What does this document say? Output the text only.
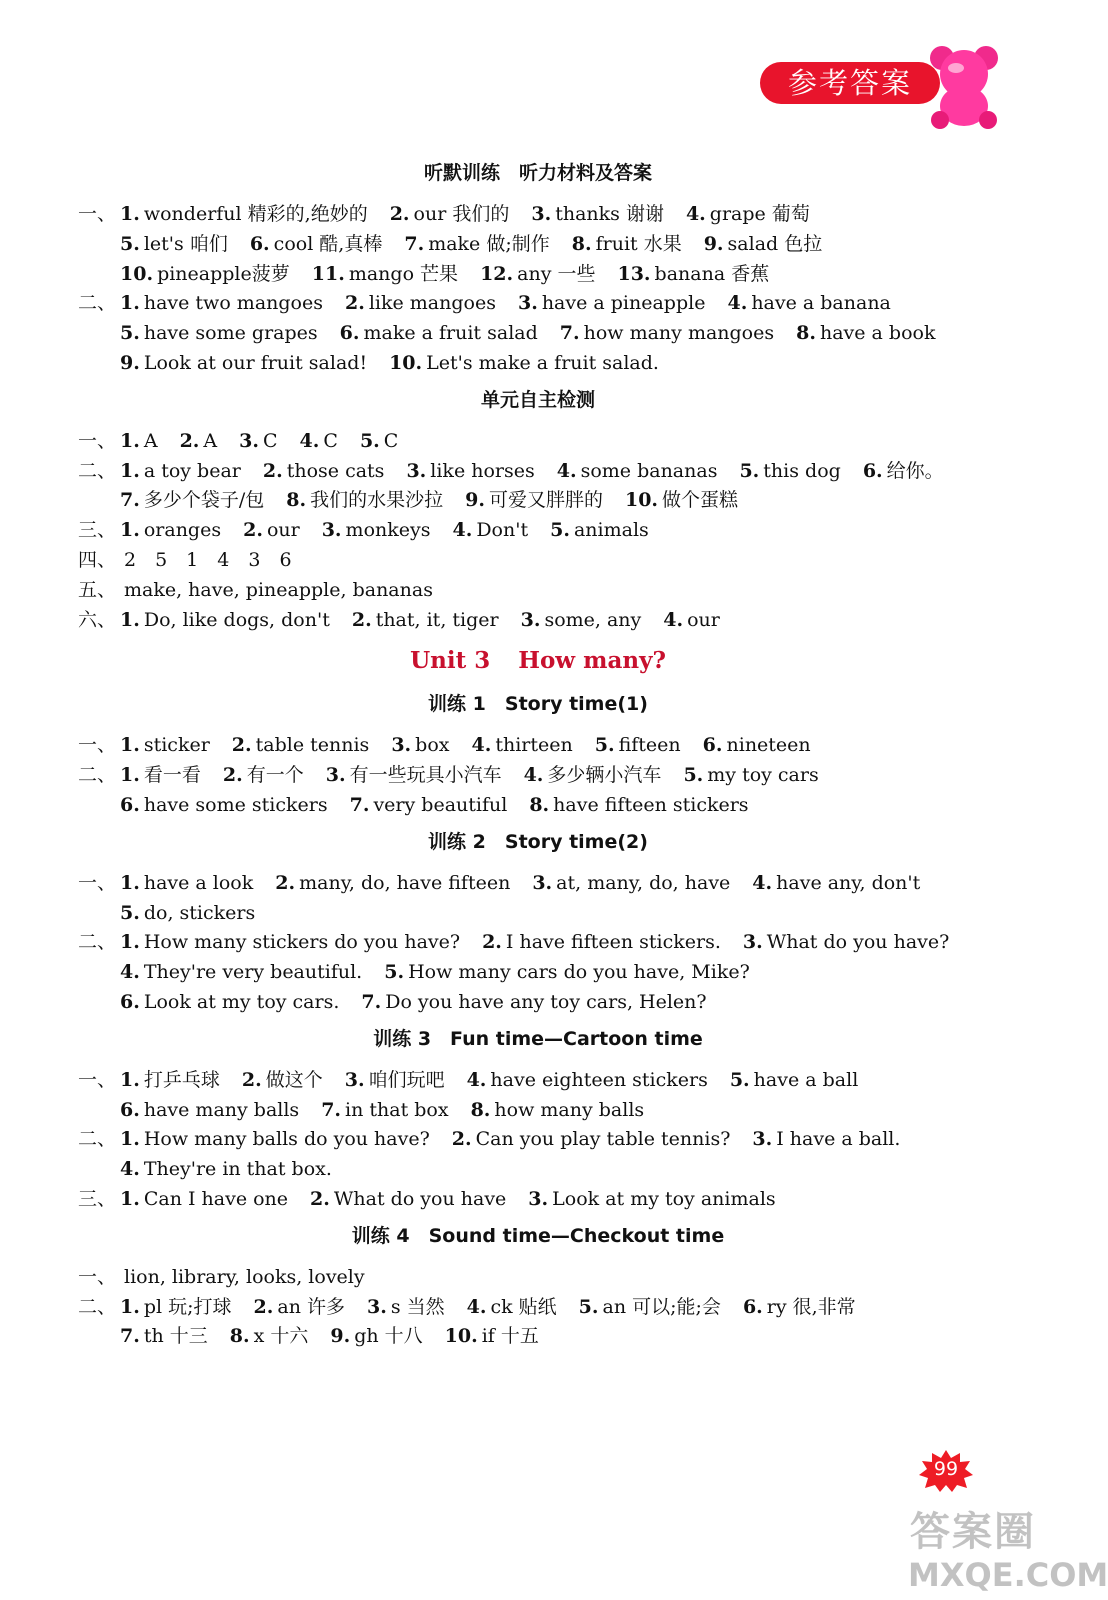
参考答案
听默训练　听力材料及答案
一、 1. wonderful 精彩的,绝妙的 2. our 我们的 3. thanks 谢谢 4. grape 葡萄
5. let's 咱们 6. cool 酷,真棒 7. make 做;制作 8. fruit 水果 9. salad 色拉
10. pineapple菠萝 11. mango 芒果 12. any 一些 13. banana 香蕉
二、 1. have two mangoes 2. like mangoes 3. have a pineapple 4. have a banana
5. have some grapes 6. make a fruit salad 7. how many mangoes 8. have a book
9. Look at our fruit salad! 10. Let's make a fruit salad.
单元自主检测
一、 1. A 2. A 3. C 4. C 5. C
二、 1. a toy bear 2. those cats 3. like horses 4. some bananas 5. this dog 6. 给你。
7. 多少个袋子/包 8. 我们的水果沙拉 9. 可爱又胖胖的 10. 做个蛋糕
三、 1. oranges 2. our 3. monkeys 4. Don't 5. animals
四、 2　5　1　4　3　6
五、 make, have, pineapple, bananas
六、 1. Do, like dogs, don't 2. that, it, tiger 3. some, any 4. our
Unit 3 How many?
训练 1　Story time(1)
一、 1. sticker 2. table tennis 3. box 4. thirteen 5. fifteen 6. nineteen
二、 1. 看一看 2. 有一个 3. 有一些玩具小汽车 4. 多少辆小汽车 5. my toy cars
6. have some stickers 7. very beautiful 8. have fifteen stickers
训练 2　Story time(2)
一、 1. have a look 2. many, do, have fifteen 3. at, many, do, have 4. have any, don't
5. do, stickers
二、 1. How many stickers do you have? 2. I have fifteen stickers. 3. What do you have?
4. They're very beautiful. 5. How many cars do you have, Mike?
6. Look at my toy cars. 7. Do you have any toy cars, Helen?
训练 3　Fun time—Cartoon time
一、 1. 打乒乓球 2. 做这个 3. 咱们玩吧 4. have eighteen stickers 5. have a ball
6. have many balls 7. in that box 8. how many balls
二、 1. How many balls do you have? 2. Can you play table tennis? 3. I have a ball.
4. They're in that box.
三、 1. Can I have one 2. What do you have 3. Look at my toy animals
训练 4　Sound time—Checkout time
一、 lion, library, looks, lovely
二、 1. pl 玩;打球 2. an 许多 3. s 当然 4. ck 贴纸 5. an 可以;能;会 6. ry 很,非常
7. th 十三 8. x 十六 9. gh 十八 10. if 十五
99
答案圈
MXQE.COM
